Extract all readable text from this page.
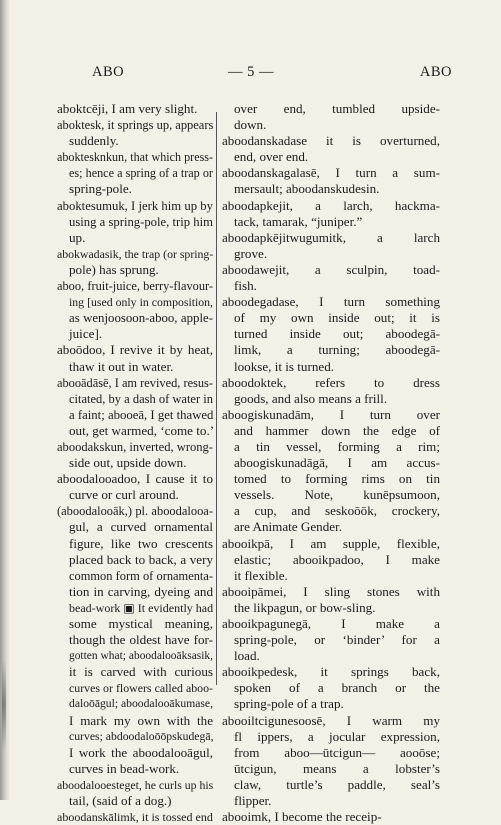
ABO	— 5 —	ABO
aboktcēji, I am very slight.
aboktesk, it springs up, appears
suddenly.
aboktesknkun, that which press-
es; hence a spring of a trap or
spring-pole.
aboktesumuk, I jerk him up by
using a spring-pole, trip him
up.
abokwadasik, the trap (or spring-
pole) has sprung.
aboo, fruit-juice, berry-flavour-
ing [used only in composition,
as wenjoosoon-aboo, apple-
juice].
aboōdoo, I revive it by heat,
thaw it out in water.
abooādāsē, I am revived, resus-
citated, by a dash of water in
a faint; abooeā, I get thawed
out, get warmed, ‘come to.’
aboodakskun, inverted, wrong-
side out, upside down.
aboodalooadoo, I cause it to
curve or curl around.
(aboodalooāk,) pl. aboodalooa-
gul, a curved ornamental
figure, like two crescents
placed back to back, a very
common form of ornamenta-
tion in carving, dyeing and
bead-work ▣ It evidently had
some mystical meaning,
though the oldest have for-
gotten what; aboodalooāksasik,
it is carved with curious
curves or flowers called aboo-
daloōāgul; aboodalooākumase,
I mark my own with the
curves; abdoodaloōōpskudegā,
I work the aboodalooāgul,
curves in bead-work.
aboodalooesteget, he curls up his
tail, (said of a dog.)
aboodanskālimk, it is tossed end
over end, tumbled upside-
down.
aboodanskadase it is overturned,
end, over end.
aboodanskagalasē, I turn a sum-
mersault; aboodanskudesin.
aboodapkejit, a larch, hackma-
tack, tamarak, “juniper.”
aboodapkējitwugumitk, a larch
grove.
aboodawejit, a sculpin, toad-
fish.
aboodegadase, I turn something
of my own inside out; it is
turned inside out; aboodegā-
limk, a turning; aboodegā-
lookse, it is turned.
aboodoktek, refers to dress
goods, and also means a frill.
aboogiskunadām, I turn over
and hammer down the edge of
a tin vessel, forming a rim;
aboogiskunadāgā, I am accus-
tomed to forming rims on tin
vessels. Note, kunēpsumoon,
a cup, and seskoōōk, crockery,
are Animate Gender.
abooikpā, I am supple, flexible,
elastic; abooikpadoo, I make
it flexible.
abooipāmei, I sling stones with
the likpagun, or bow-sling.
abooikpagunegā, I make a
spring-pole, or ‘binder’ for a
load.
abooikpedesk, it springs back,
spoken of a branch or the
spring-pole of a trap.
abooiltcigunesoosē, I warm my
fl ippers, a jocular expression,
from aboo—ūtcigun— aooōse;
ūtcigun, means a lobster’s
claw, turtle’s paddle, seal’s
flipper.
abooimk, I become the receip-
